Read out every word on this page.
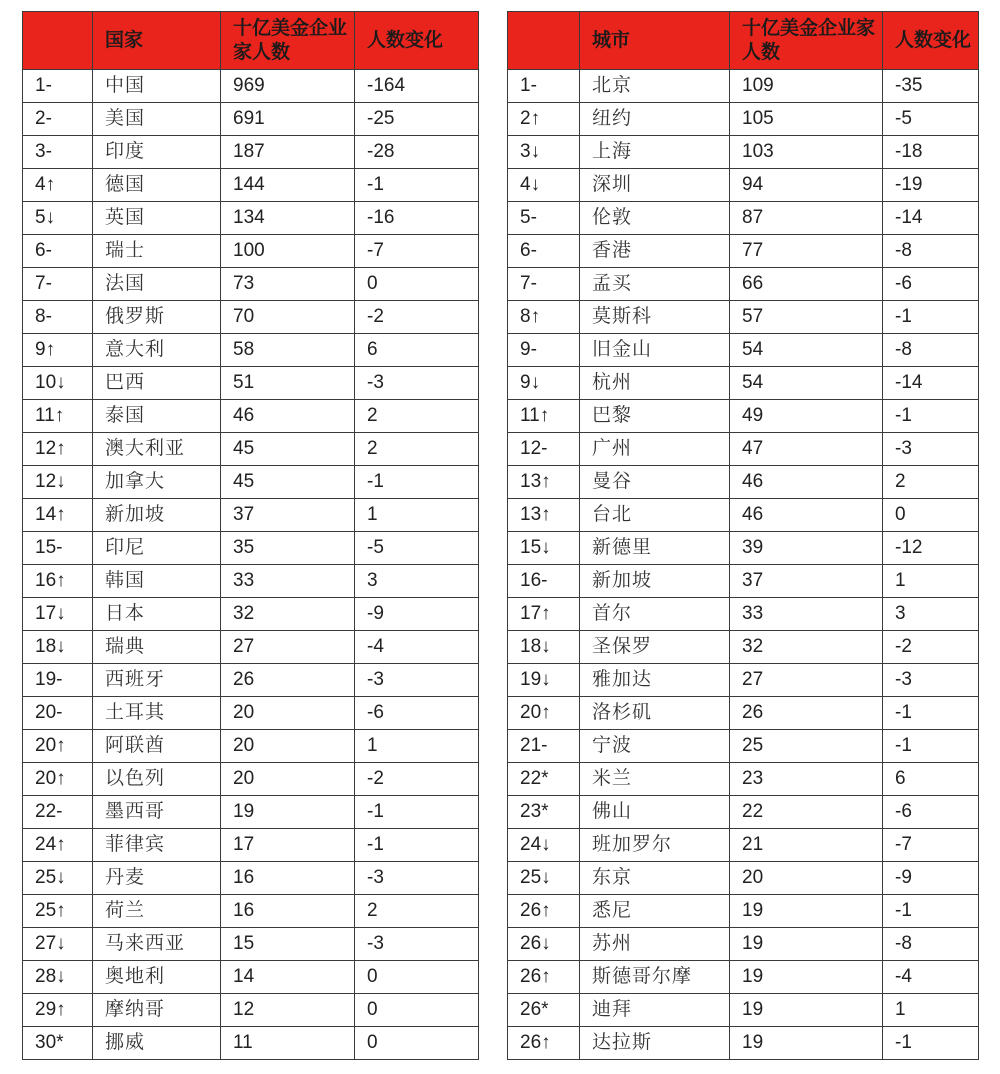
	国家	十亿美金企业家人数	人数变化
1-	中国	969	-164
2-	美国	691	-25
3-	印度	187	-28
4↑	德国	144	-1
5↓	英国	134	-16
6-	瑞士	100	-7
7-	法国	73	0
8-	俄罗斯	70	-2
9↑	意大利	58	6
10↓	巴西	51	-3
11↑	泰国	46	2
12↑	澳大利亚	45	2
12↓	加拿大	45	-1
14↑	新加坡	37	1
15-	印尼	35	-5
16↑	韩国	33	3
17↓	日本	32	-9
18↓	瑞典	27	-4
19-	西班牙	26	-3
20-	土耳其	20	-6
20↑	阿联酋	20	1
20↑	以色列	20	-2
22-	墨西哥	19	-1
24↑	菲律宾	17	-1
25↓	丹麦	16	-3
25↑	荷兰	16	2
27↓	马来西亚	15	-3
28↓	奥地利	14	0
29↑	摩纳哥	12	0
30*	挪威	11	0
	城市	十亿美金企业家人数	人数变化
1-	北京	109	-35
2↑	纽约	105	-5
3↓	上海	103	-18
4↓	深圳	94	-19
5-	伦敦	87	-14
6-	香港	77	-8
7-	孟买	66	-6
8↑	莫斯科	57	-1
9-	旧金山	54	-8
9↓	杭州	54	-14
11↑	巴黎	49	-1
12-	广州	47	-3
13↑	曼谷	46	2
13↑	台北	46	0
15↓	新德里	39	-12
16-	新加坡	37	1
17↑	首尔	33	3
18↓	圣保罗	32	-2
19↓	雅加达	27	-3
20↑	洛杉矶	26	-1
21-	宁波	25	-1
22*	米兰	23	6
23*	佛山	22	-6
24↓	班加罗尔	21	-7
25↓	东京	20	-9
26↑	悉尼	19	-1
26↓	苏州	19	-8
26↑	斯德哥尔摩	19	-4
26*	迪拜	19	1
26↑	达拉斯	19	-1
